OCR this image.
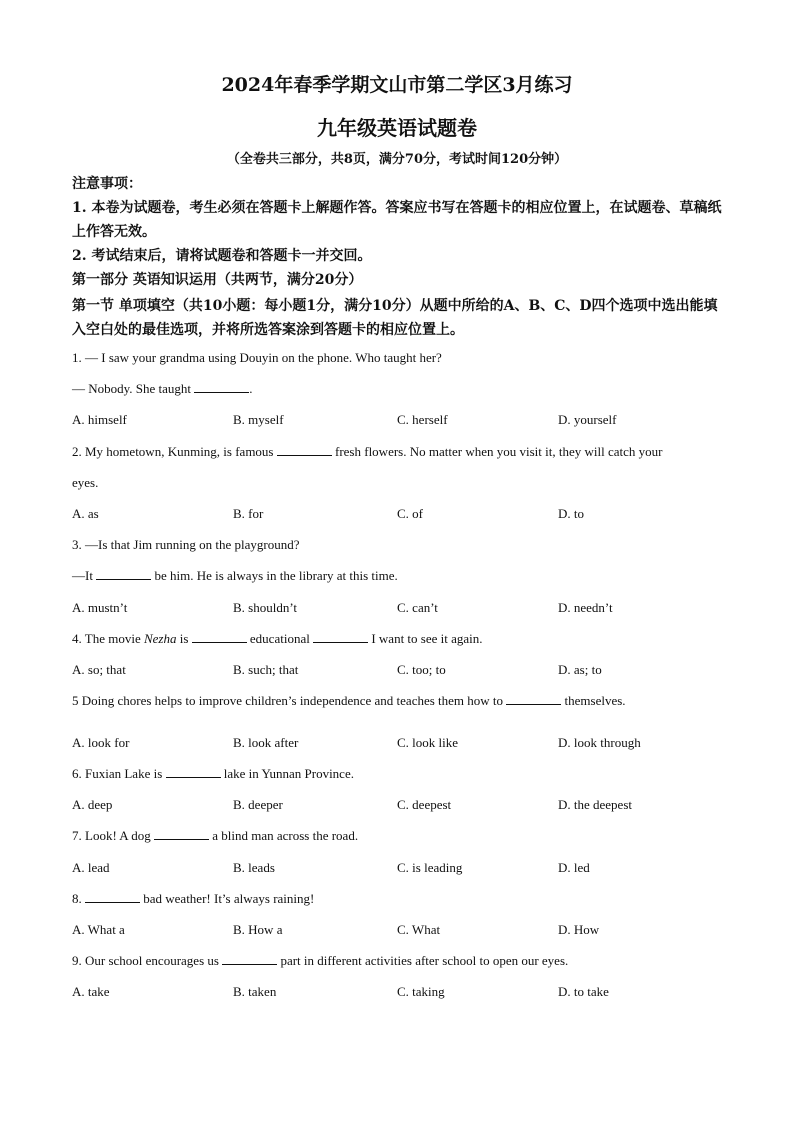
2024年春季学期文山市第二学区3月练习
九年级英语试题卷
（全卷共三部分，共8页，满分70分，考试时间120分钟）
注意事项：
1. 本卷为试题卷，考生必须在答题卡上解题作答。答案应书写在答题卡的相应位置上，在试题卷、草稿纸上作答无效。
2. 考试结束后，请将试题卷和答题卡一并交回。
第一部分 英语知识运用（共两节，满分20分）
第一节 单项填空（共10小题：每小题1分，满分10分）从题中所给的A、B、C、D四个选项中选出能填入空白处的最佳选项，并将所选答案涂到答题卡的相应位置上。
1. — I saw your grandma using Douyin on the phone. Who taught her?
— Nobody. She taught	.
A. himself	B. myself	C. herself	D. yourself
2. My hometown, Kunming, is famous	fresh flowers. No matter when you visit it, they will catch your
eyes.
A. as	B. for	C. of	D. to
3. —Is that Jim running on the playground?
—It	be him. He is always in the library at this time.
A. mustn’t	B. shouldn’t	C. can’t	D. needn’t
4. The movie Nezha is	educational	I want to see it again.
A. so; that	B. such; that	C. too; to	D. as; to
5 Doing chores helps to improve children’s independence and teaches them how to	themselves.
A. look for	B. look after	C. look like	D. look through
6. Fuxian Lake is	lake in Yunnan Province.
A. deep	B. deeper	C. deepest	D. the deepest
7. Look! A dog	a blind man across the road.
A. lead	B. leads	C. is leading	D. led
8.	bad weather! It’s always raining!
A. What a	B. How a	C. What	D. How
9. Our school encourages us	part in different activities after school to open our eyes.
A. take	B. taken	C. taking	D. to take
